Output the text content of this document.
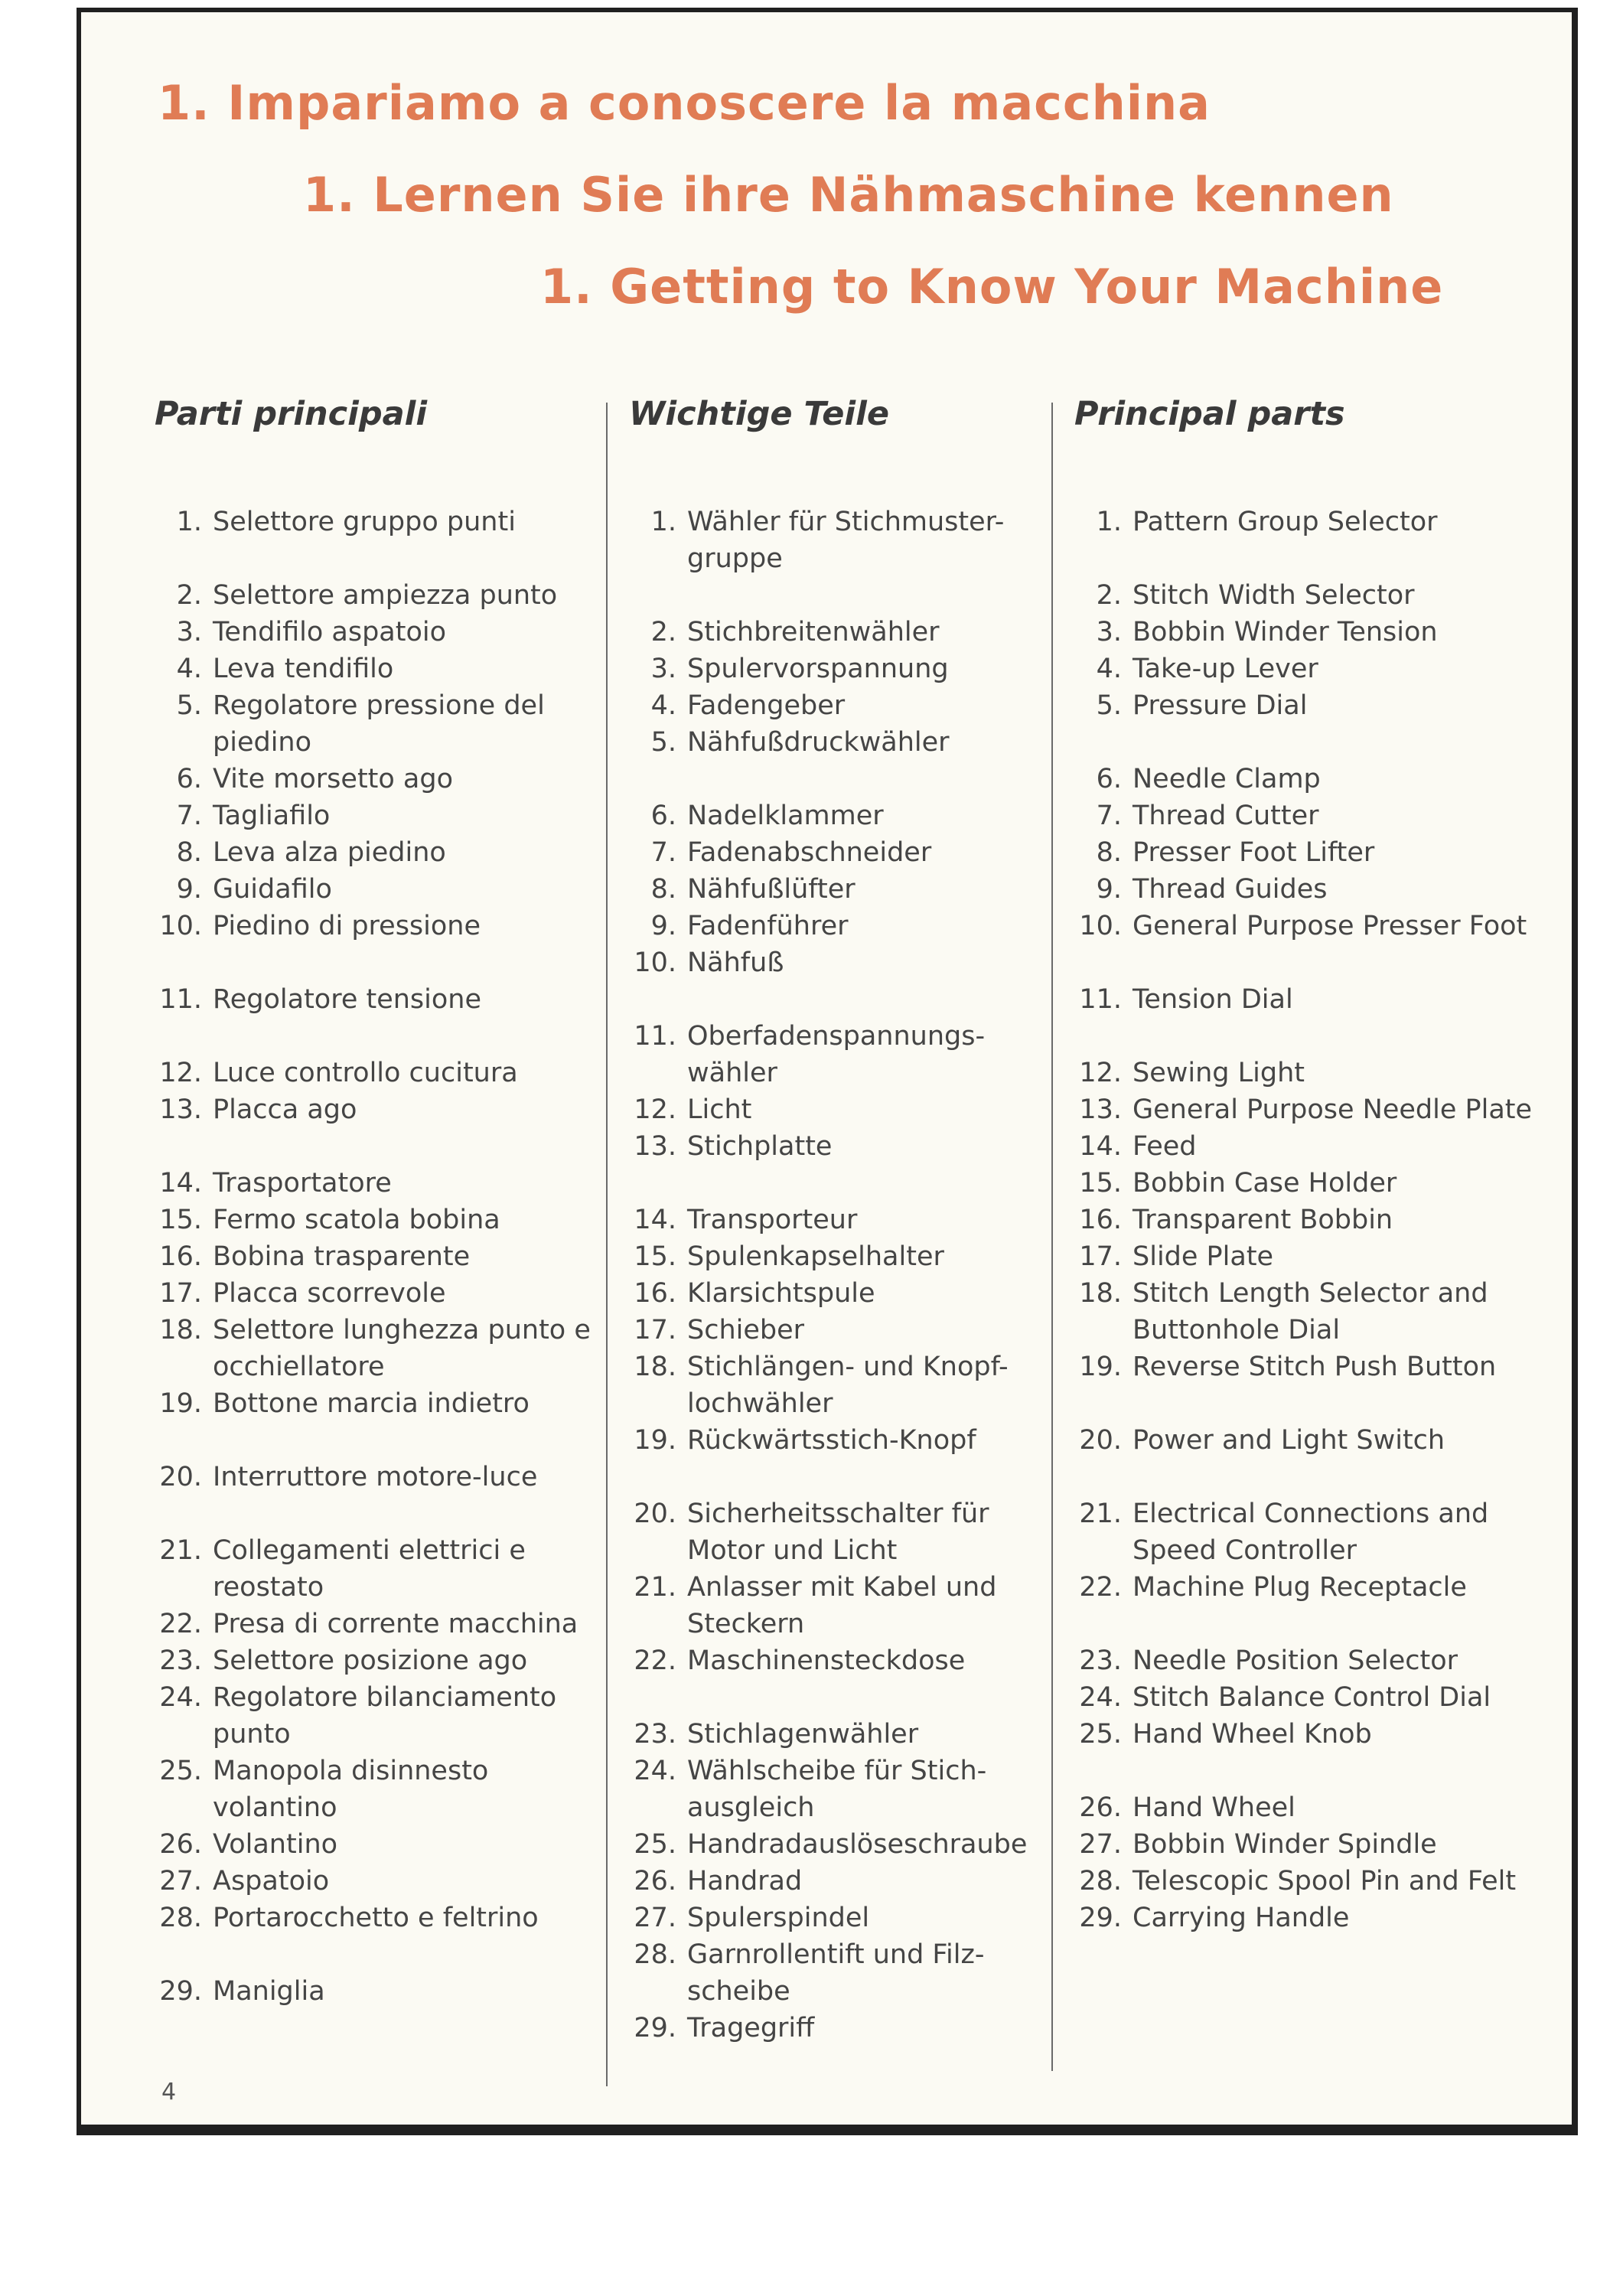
1. Impariamo a conoscere la macchina
1. Lernen Sie ihre Nähmaschine kennen
1. Getting to Know Your Machine
Parti principali	Wichtige Teile	Principal parts
1. Selettore gruppo punti
2. Selettore ampiezza punto
3. Tendifilo aspatoio
4. Leva tendifilo
5. Regolatore pressione del piedino
6. Vite morsetto ago
7. Tagliafilo
8. Leva alza piedino
9. Guidafilo
10. Piedino di pressione
11. Regolatore tensione
12. Luce controllo cucitura
13. Placca ago
14. Trasportatore
15. Fermo scatola bobina
16. Bobina trasparente
17. Placca scorrevole
18. Selettore lunghezza punto e occhiellatore
19. Bottone marcia indietro
20. Interruttore motore-luce
21. Collegamenti elettrici e reostato
22. Presa di corrente macchina
23. Selettore posizione ago
24. Regolatore bilanciamento punto
25. Manopola disinnesto volantino
26. Volantino
27. Aspatoio
28. Portarocchetto e feltrino
29. Maniglia
1. Wähler für Stichmuster-gruppe
2. Stichbreitenwähler
3. Spulervorspannung
4. Fadengeber
5. Nähfußdruckwähler
6. Nadelklammer
7. Fadenabschneider
8. Nähfußlüfter
9. Fadenführer
10. Nähfuß
11. Oberfadenspannungs-wähler
12. Licht
13. Stichplatte
14. Transporteur
15. Spulenkapselhalter
16. Klarsichtspule
17. Schieber
18. Stichlängen- und Knopf-lochwähler
19. Rückwärtsstich-Knopf
20. Sicherheitsschalter für Motor und Licht
21. Anlasser mit Kabel und Steckern
22. Maschinensteckdose
23. Stichlagenwähler
24. Wählscheibe für Stich-ausgleich
25. Handradauslöseschraube
26. Handrad
27. Spulerspindel
28. Garnrollentift und Filz-scheibe
29. Tragegriff
1. Pattern Group Selector
2. Stitch Width Selector
3. Bobbin Winder Tension
4. Take-up Lever
5. Pressure Dial
6. Needle Clamp
7. Thread Cutter
8. Presser Foot Lifter
9. Thread Guides
10. General Purpose Presser Foot
11. Tension Dial
12. Sewing Light
13. General Purpose Needle Plate
14. Feed
15. Bobbin Case Holder
16. Transparent Bobbin
17. Slide Plate
18. Stitch Length Selector and Buttonhole Dial
19. Reverse Stitch Push Button
20. Power and Light Switch
21. Electrical Connections and Speed Controller
22. Machine Plug Receptacle
23. Needle Position Selector
24. Stitch Balance Control Dial
25. Hand Wheel Knob
26. Hand Wheel
27. Bobbin Winder Spindle
28. Telescopic Spool Pin and Felt
29. Carrying Handle
4
